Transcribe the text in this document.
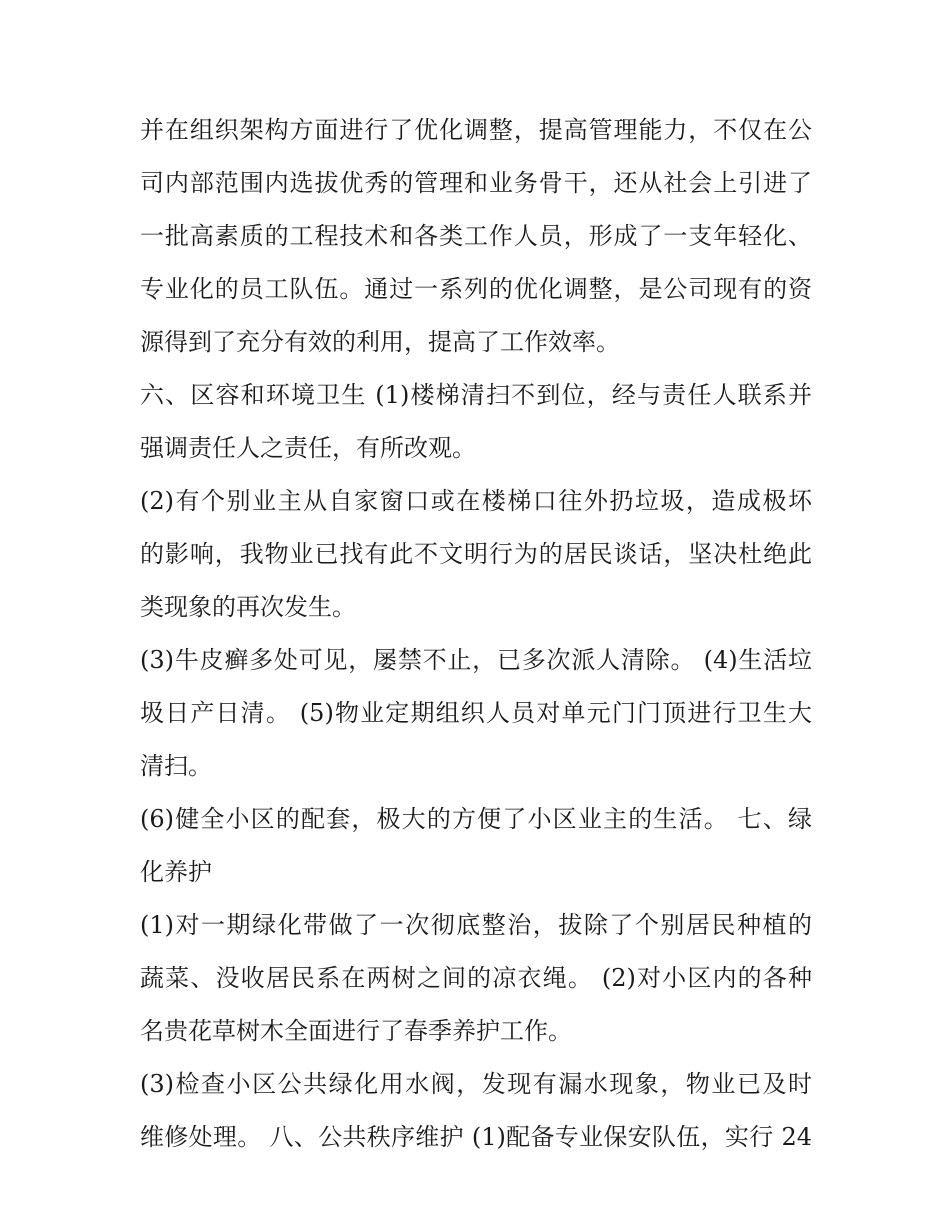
并在组织架构方面进行了优化调整，提高管理能力，不仅在公
司内部范围内选拔优秀的管理和业务骨干，还从社会上引进了
一批高素质的工程技术和各类工作人员，形成了一支年轻化、
专业化的员工队伍。通过一系列的优化调整，是公司现有的资
源得到了充分有效的利用，提高了工作效率。
六、区容和环境卫生 (1)楼梯清扫不到位，经与责任人联系并
强调责任人之责任，有所改观。
(2)有个别业主从自家窗口或在楼梯口往外扔垃圾，造成极坏
的影响，我物业已找有此不文明行为的居民谈话，坚决杜绝此
类现象的再次发生。
(3)牛皮癣多处可见，屡禁不止，已多次派人清除。 (4)生活垃
圾日产日清。 (5)物业定期组织人员对单元门门顶进行卫生大
清扫。
(6)健全小区的配套，极大的方便了小区业主的生活。 七、绿
化养护
(1)对一期绿化带做了一次彻底整治，拔除了个别居民种植的
蔬菜、没收居民系在两树之间的凉衣绳。 (2)对小区内的各种
名贵花草树木全面进行了春季养护工作。
(3)检查小区公共绿化用水阀，发现有漏水现象，物业已及时
维修处理。 八、公共秩序维护 (1)配备专业保安队伍，实行 24
